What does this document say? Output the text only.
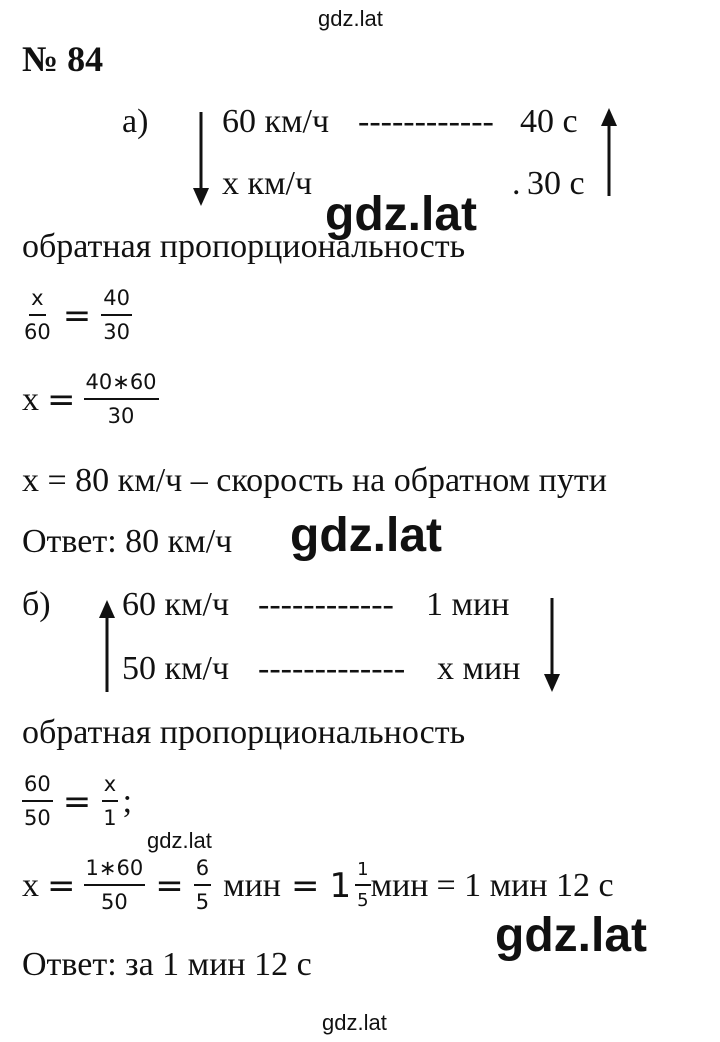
gdz.lat
gdz.lat
gdz.lat
gdz.lat
gdz.lat
gdz.lat
№ 84
а) 60 км/ч ------------ 40 с
x км/ч	. 30 с
обратная пропорциональность
$\frac{x}{60} = \frac{40}{30}$
$x = \frac{40∗60}{30}$
x = 80 км/ч – скорость на обратном пути
Ответ: 80 км/ч
б) 60 км/ч ------------ 1 мин
50 км/ч ------------- x мин
обратная пропорциональность
$\frac{60}{50} = \frac{x}{1}$ ;
$x = \frac{1∗60}{50} = \frac{6}{5}$ мин = $1 \frac{1}{5}$ мин = 1 мин 12 с
Ответ: за 1 мин 12 с
